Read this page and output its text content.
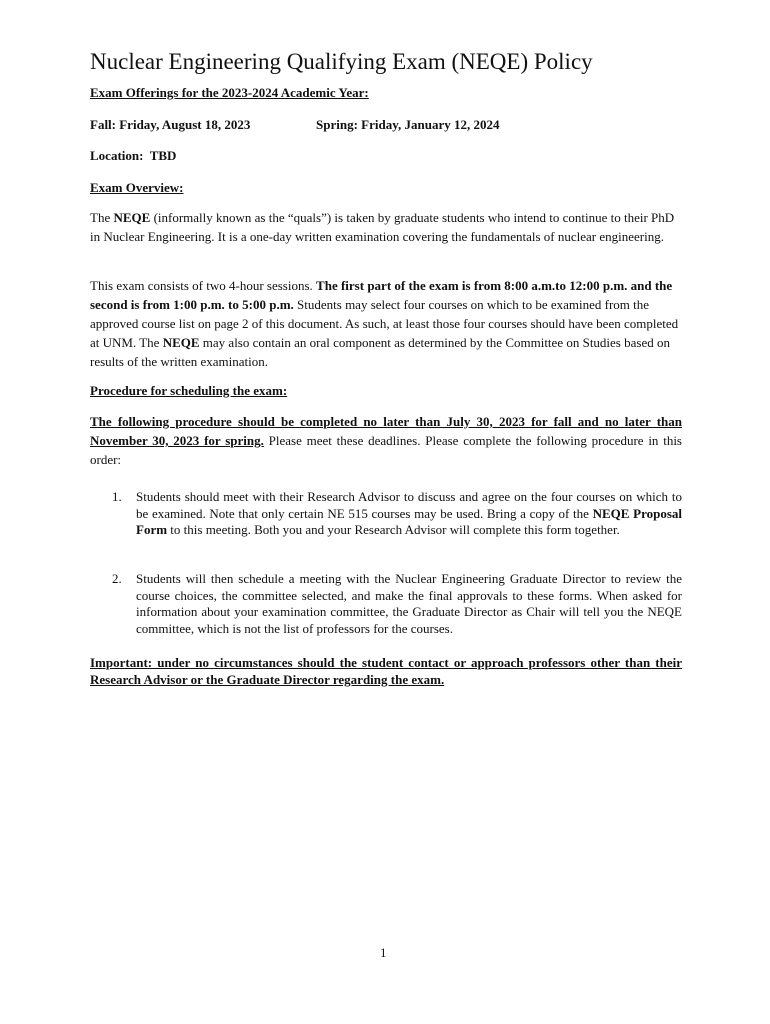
Nuclear Engineering Qualifying Exam (NEQE) Policy
Exam Offerings for the 2023-2024 Academic Year:
Fall: Friday, August 18, 2023	Spring: Friday, January 12, 2024
Location:  TBD
Exam Overview:

The NEQE (informally known as the “quals”) is taken by graduate students who intend to continue to their PhD in Nuclear Engineering. It is a one-day written examination covering the fundamentals of nuclear engineering.

This exam consists of two 4-hour sessions. The first part of the exam is from 8:00 a.m.to 12:00 p.m. and the second is from 1:00 p.m. to 5:00 p.m. Students may select four courses on which to be examined from the approved course list on page 2 of this document. As such, at least those four courses should have been completed at UNM. The NEQE may also contain an oral component as determined by the Committee on Studies based on results of the written examination.

Procedure for scheduling the exam:

The following procedure should be completed no later than July 30, 2023 for fall and no later than November 30, 2023 for spring. Please meet these deadlines. Please complete the following procedure in this order:

1. Students should meet with their Research Advisor to discuss and agree on the four courses on which to be examined. Note that only certain NE 515 courses may be used. Bring a copy of the NEQE Proposal Form to this meeting. Both you and your Research Advisor will complete this form together.
2. Students will then schedule a meeting with the Nuclear Engineering Graduate Director to review the course choices, the committee selected, and make the final approvals to these forms. When asked for information about your examination committee, the Graduate Director as Chair will tell you the NEQE committee, which is not the list of professors for the courses.

Important: under no circumstances should the student contact or approach professors other than their Research Advisor or the Graduate Director regarding the exam.

1
